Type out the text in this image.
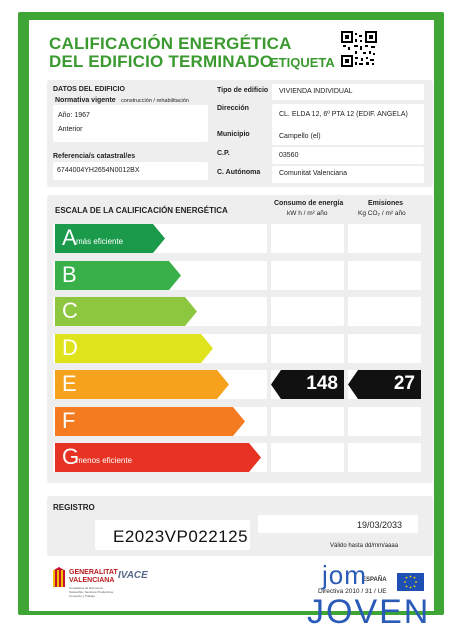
CALIFICACIÓN ENERGÉTICA
DEL EDIFICIO TERMINADO
ETIQUETA
DATOS DEL EDIFICIO
Normativa vigente construcción / rehabilitación
Año: 1967
Anterior
Referencia/s catastral/es
6744004YH2654N0012BX
Tipo de edificio VIVIENDA INDIVIDUAL
Dirección
CL. ELDA 12, 6º PTA 12 (EDIF. ANGELA)
Municipio	Campello (el)
C.P.	03560
C. Autónoma	Comunitat Valenciana
ESCALA DE LA CALIFICACIÓN ENERGÉTICA
Consumo de energía
kW h / m² año
Emisiones
Kg CO₂ / m² año
A más eficiente
B
C
D
E	148	27
F
G
menos eficiente
REGISTRO
E2023VP022125
19/03/2033
Válido hasta dd/mm/aaaa
GENERALITAT
VALENCIANA
Conselleria de Economía
Sostenible, Sectores Productivos,
Comercio y Trabajo
IVACE	ESPAÑA
Directiva 2010 / 31 / UE
jom
JOVEN
